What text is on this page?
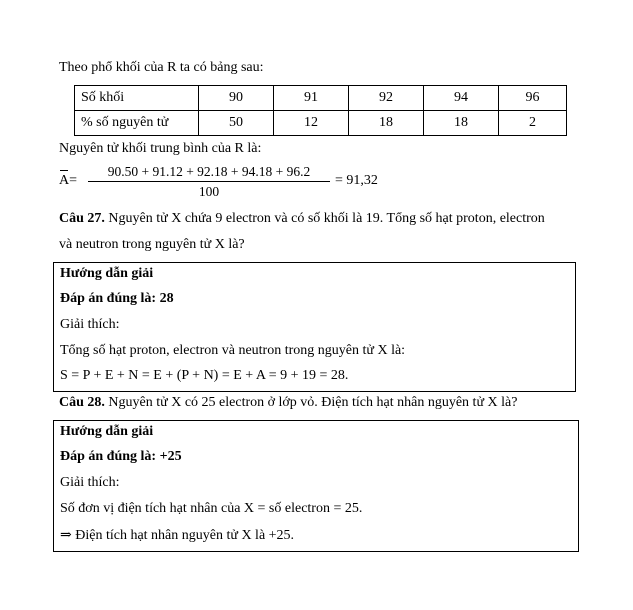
Theo phổ khối của R ta có bảng sau:
Số khối	90	91	92	94	96
% số nguyên tử	50	12	18	18	2
Nguyên tử khối trung bình của R là:
A=
90.50 + 91.12 + 92.18 + 94.18 + 96.2
100
= 91,32
Câu 27. Nguyên tử X chứa 9 electron và có số khối là 19. Tổng số hạt proton, electron
và neutron trong nguyên tử X là?
Hướng dẫn giải
Đáp án đúng là: 28
Giải thích:
Tổng số hạt proton, electron và neutron trong nguyên tử X là:
S = P + E + N = E + (P + N) = E + A = 9 + 19 = 28.
Câu 28. Nguyên tử X có 25 electron ở lớp vỏ. Điện tích hạt nhân nguyên tử X là?
Hướng dẫn giải
Đáp án đúng là: +25
Giải thích:
Số đơn vị điện tích hạt nhân của X = số electron = 25.
⇒ Điện tích hạt nhân nguyên tử X là +25.
